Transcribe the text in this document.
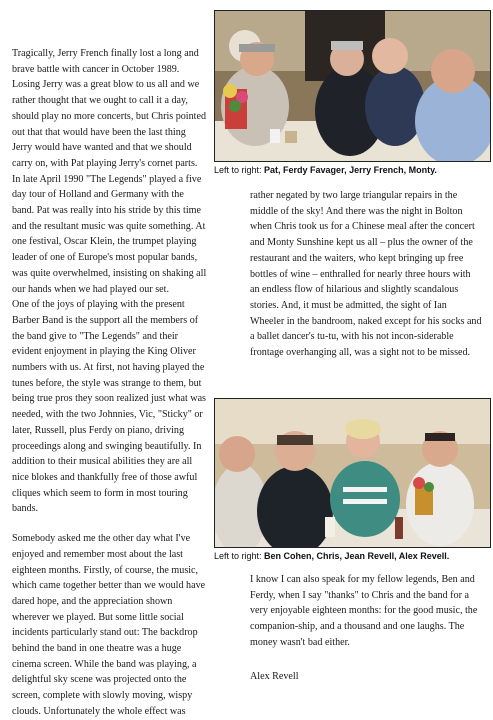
Tragically, Jerry French finally lost a long and brave battle with cancer in October 1989. Losing Jerry was a great blow to us all and we rather thought that we ought to call it a day, should play no more concerts, but Chris pointed out that that would have been the last thing Jerry would have wanted and that we should carry on, with Pat playing Jerry's cornet parts.

In late April 1990 "The Legends" played a five day tour of Holland and Germany with the band. Pat was really into his stride by this time and the resultant music was quite something. At one festival, Oscar Klein, the trumpet playing leader of one of Europe's most popular bands, was quite overwhelmed, insisting on shaking all our hands when we had played our set.

One of the joys of playing with the present Barber Band is the support all the members of the band give to "The Legends" and their evident enjoyment in playing the King Oliver numbers with us. At first, not having played the tunes before, the style was strange to them, but being true pros they soon realized just what was needed, with the two Johnnies, Vic, "Sticky" or later, Russell, plus Ferdy on piano, driving proceedings along and swinging beautifully. In addition to their musical abilities they are all nice blokes and thankfully free of those awful cliques which seem to form in most touring bands.

Somebody asked me the other day what I've enjoyed and remember most about the last eighteen months. Firstly, of course, the music, which came together better than we would have dared hope, and the appreciation shown wherever we played. But some little social incidents particularly stand out: The backdrop behind the band in one theatre was a huge cinema screen. While the band was playing, a delightful sky scene was projected onto the screen, complete with slowly moving, wispy clouds. Unfortunately the whole effect was

Left to right: Pat, Ferdy Favager, Jerry French, Monty.

rather negated by two large triangular repairs in the middle of the sky! And there was the night in Bolton when Chris took us for a Chinese meal after the concert and Monty Sunshine kept us all – plus the owner of the restaurant and the waiters, who kept bringing up free bottles of wine – enthralled for nearly three hours with an endless flow of hilarious and slightly scandalous stories. And, it must be admitted, the sight of Ian Wheeler in the bandroom, naked except for his socks and a ballet dancer's tu-tu, with his not incon-siderable frontage overhanging all, was a sight not to be missed.

Left to right: Ben Cohen, Chris, Jean Revell, Alex Revell.

I know I can also speak for my fellow legends, Ben and Ferdy, when I say "thanks" to Chris and the band for a very enjoyable eighteen months: for the good music, the companion-ship, and a thousand and one laughs. The money wasn't bad either.

Alex Revell
